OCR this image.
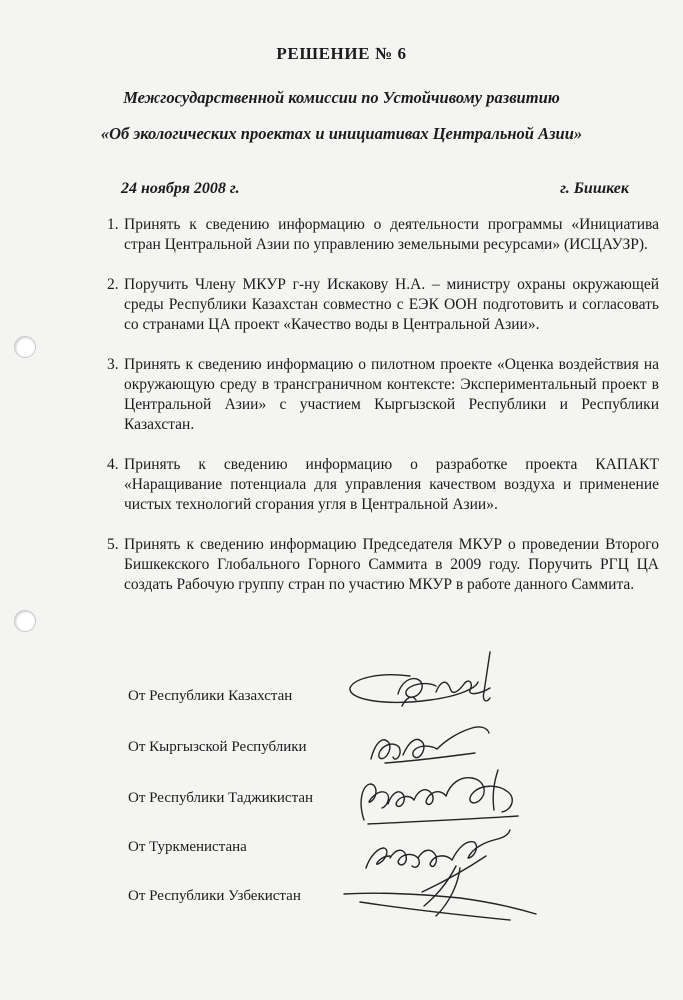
РЕШЕНИЕ № 6
Межгосударственной комиссии по Устойчивому развитию
«Об экологических проектах и инициативах Центральной Азии»
24 ноября 2008 г.	г. Бишкек
1. Принять к сведению информацию о деятельности программы «Инициатива стран Центральной Азии по управлению земельными ресурсами» (ИСЦАУЗР).
2. Поручить Члену МКУР г-ну Искакову Н.А. – министру охраны окружающей среды Республики Казахстан совместно с ЕЭК ООН подготовить и согласовать со странами ЦА проект «Качество воды в Центральной Азии».
3. Принять к сведению информацию о пилотном проекте «Оценка воздействия на окружающую среду в трансграничном контексте: Экспериментальный проект в Центральной Азии» с участием Кыргызской Республики и Республики Казахстан.
4. Принять к сведению информацию о разработке проекта КАПАКТ «Наращивание потенциала для управления качеством воздуха и применение чистых технологий сгорания угля в Центральной Азии».
5. Принять к сведению информацию Председателя МКУР о проведении Второго Бишкекского Глобального Горного Саммита в 2009 году. Поручить РГЦ ЦА создать Рабочую группу стран по участию МКУР в работе данного Саммита.
От Республики Казахстан
От Кыргызской Республики
От Республики Таджикистан
От Туркменистана
От Республики Узбекистан
